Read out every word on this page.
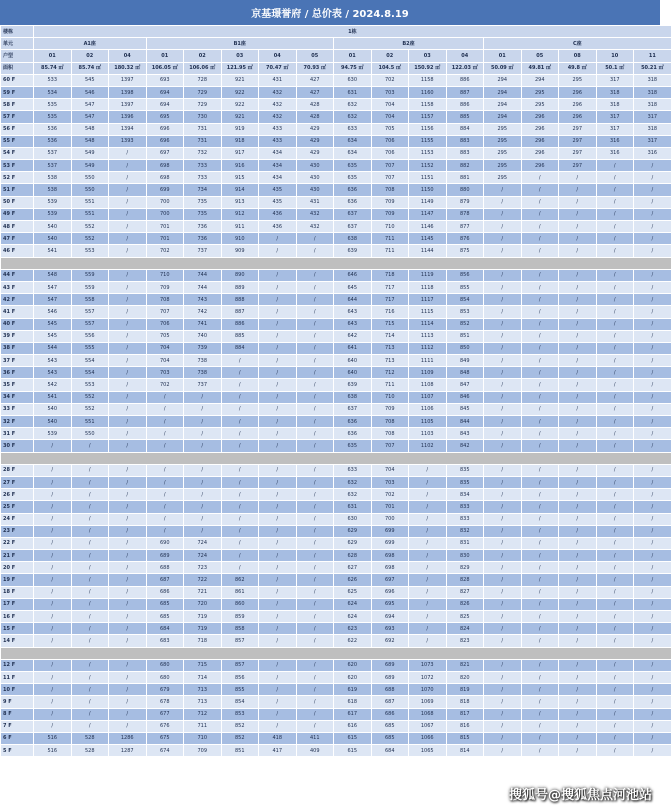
京基璟誉府 / 总价表 / 2024.8.19
楼栋	1栋																
单元	A1座			B1座					B2座				C座				
户型	01	02	04	01	02	03	04	05	01	02	03	04	01	05	08	10	11
面积	85.74 ㎡	85.74 ㎡	180.32 ㎡	106.05 ㎡	106.06 ㎡	121.95 ㎡	70.47 ㎡	70.93 ㎡	94.75 ㎡	104.5 ㎡	150.92 ㎡	122.03 ㎡	50.09 ㎡	49.81 ㎡	49.8 ㎡	50.1 ㎡	50.21 ㎡
60 F	533	545	1397	693	728	921	431	427	630	702	1158	886	294	294	295	317	318
59 F	534	546	1398	694	729	922	432	427	631	703	1160	887	294	295	296	318	318
58 F	535	547	1397	694	729	922	432	428	632	704	1158	886	294	295	296	318	318
57 F	535	547	1396	695	730	921	432	428	632	704	1157	885	294	296	296	317	317
56 F	536	548	1394	696	731	919	433	429	633	705	1156	884	295	296	297	317	318
55 F	536	548	1393	696	731	918	433	429	634	706	1155	883	295	296	297	316	317
54 F	537	549	/	697	732	917	434	429	634	706	1153	883	295	296	297	316	316
53 F	537	549	/	698	733	916	434	430	635	707	1152	882	295	296	297	/	/
52 F	538	550	/	698	733	915	434	430	635	707	1151	881	295	/	/	/	/
51 F	538	550	/	699	734	914	435	430	636	708	1150	880	/	/	/	/	/
50 F	539	551	/	700	735	913	435	431	636	709	1149	879	/	/	/	/	/
49 F	539	551	/	700	735	912	436	432	637	709	1147	878	/	/	/	/	/
48 F	540	552	/	701	736	911	436	432	637	710	1146	877	/	/	/	/	/
47 F	540	552	/	701	736	910	/	/	638	711	1145	876	/	/	/	/	/
46 F	541	553	/	702	737	909	/	/	639	711	1144	875	/	/	/	/	/

44 F	548	559	/	710	744	890	/	/	646	718	1119	856	/	/	/	/	/
43 F	547	559	/	709	744	889	/	/	645	717	1118	855	/	/	/	/	/
42 F	547	558	/	708	743	888	/	/	644	717	1117	854	/	/	/	/	/
41 F	546	557	/	707	742	887	/	/	643	716	1115	853	/	/	/	/	/
40 F	545	557	/	706	741	886	/	/	643	715	1114	852	/	/	/	/	/
39 F	545	556	/	705	740	885	/	/	642	714	1113	851	/	/	/	/	/
38 F	544	555	/	704	739	884	/	/	641	713	1112	850	/	/	/	/	/
37 F	543	554	/	704	738	/	/	/	640	713	1111	849	/	/	/	/	/
36 F	543	554	/	703	738	/	/	/	640	712	1109	848	/	/	/	/	/
35 F	542	553	/	702	737	/	/	/	639	711	1108	847	/	/	/	/	/
34 F	541	552	/	/	/	/	/	/	638	710	1107	846	/	/	/	/	/
33 F	540	552	/	/	/	/	/	/	637	709	1106	845	/	/	/	/	/
32 F	540	551	/	/	/	/	/	/	636	708	1105	844	/	/	/	/	/
31 F	539	550	/	/	/	/	/	/	636	708	1103	843	/	/	/	/	/
30 F	/	/	/	/	/	/	/	/	635	707	1102	842	/	/	/	/	/

28 F	/	/	/	/	/	/	/	/	633	704	/	835	/	/	/	/	/
27 F	/	/	/	/	/	/	/	/	632	703	/	835	/	/	/	/	/
26 F	/	/	/	/	/	/	/	/	632	702	/	834	/	/	/	/	/
25 F	/	/	/	/	/	/	/	/	631	701	/	833	/	/	/	/	/
24 F	/	/	/	/	/	/	/	/	630	700	/	833	/	/	/	/	/
23 F	/	/	/	/	/	/	/	/	629	699	/	832	/	/	/	/	/
22 F	/	/	/	690	724	/	/	/	629	699	/	831	/	/	/	/	/
21 F	/	/	/	689	724	/	/	/	628	698	/	830	/	/	/	/	/
20 F	/	/	/	688	723	/	/	/	627	698	/	829	/	/	/	/	/
19 F	/	/	/	687	722	862	/	/	626	697	/	828	/	/	/	/	/
18 F	/	/	/	686	721	861	/	/	625	696	/	827	/	/	/	/	/
17 F	/	/	/	685	720	860	/	/	624	695	/	826	/	/	/	/	/
16 F	/	/	/	685	719	859	/	/	624	694	/	825	/	/	/	/	/
15 F	/	/	/	684	719	858	/	/	623	693	/	824	/	/	/	/	/
14 F	/	/	/	683	718	857	/	/	622	692	/	823	/	/	/	/	/

12 F	/	/	/	680	715	857	/	/	620	689	1073	821	/	/	/	/	/
11 F	/	/	/	680	714	856	/	/	620	689	1072	820	/	/	/	/	/
10 F	/	/	/	679	713	855	/	/	619	688	1070	819	/	/	/	/	/
9 F	/	/	/	678	713	854	/	/	618	687	1069	818	/	/	/	/	/
8 F	/	/	/	677	712	853	/	/	617	686	1068	817	/	/	/	/	/
7 F	/	/	/	676	711	852	/	/	616	685	1067	816	/	/	/	/	/
6 F	516	528	1286	675	710	852	418	411	615	685	1066	815	/	/	/	/	/
5 F	516	528	1287	674	709	851	417	409	615	684	1065	814	/	/	/	/	/
搜狐号@搜狐焦点河池站
